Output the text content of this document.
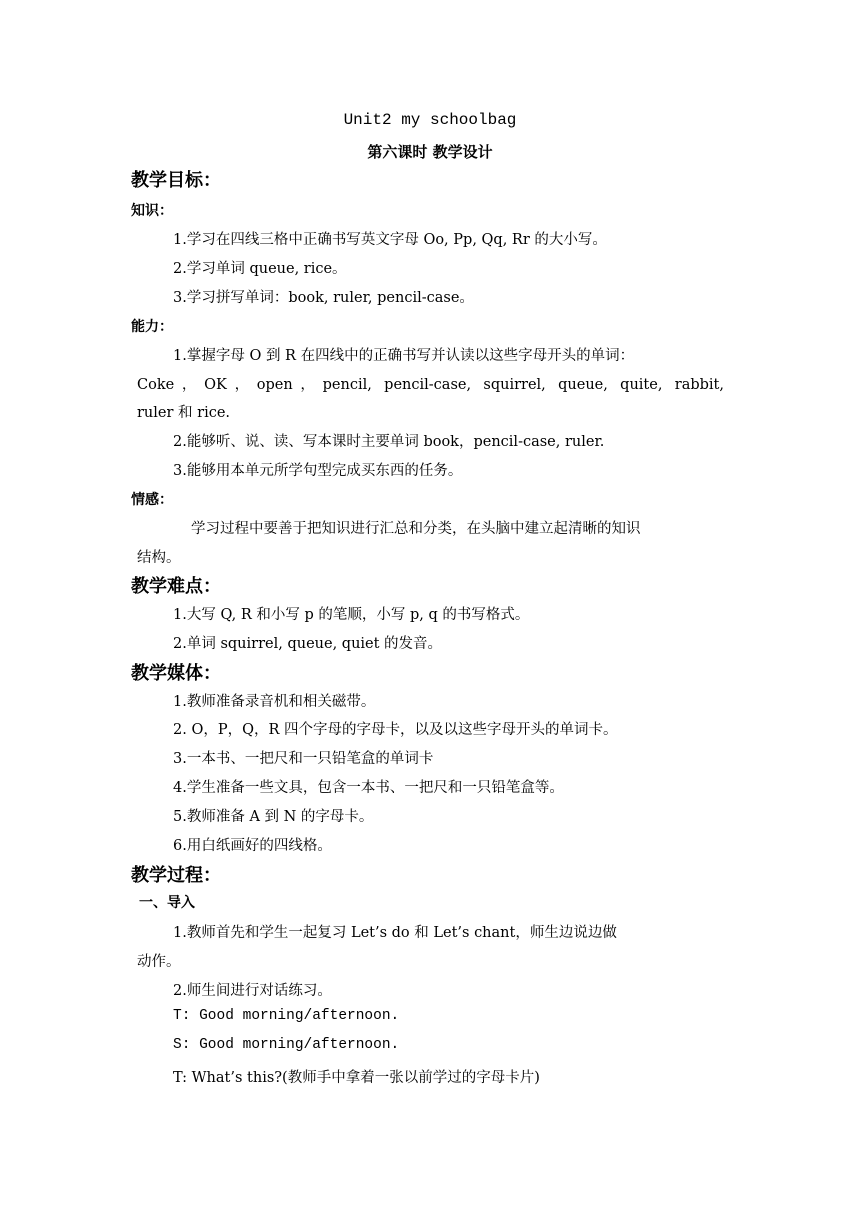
Unit2 my schoolbag
第六课时 教学设计
教学目标：
知识：
1.学习在四线三格中正确书写英文字母 Oo, Pp, Qq, Rr 的大小写。
2.学习单词 queue, rice。
3.学习拼写单词：book, ruler, pencil-case。
能力：
1.掌握字母 O 到 R 在四线中的正确书写并认读以这些字母开头的单词：
Coke，OK，open，pencil, pencil-case, squirrel, queue, quite, rabbit,
ruler 和 rice.
2.能够听、说、读、写本课时主要单词 book，pencil-case, ruler.
3.能够用本单元所学句型完成买东西的任务。
情感：
学习过程中要善于把知识进行汇总和分类，在头脑中建立起清晰的知识
结构。
教学难点：
1.大写 Q, R 和小写 p 的笔顺，小写 p, q 的书写格式。
2.单词 squirrel, queue, quiet 的发音。
教学媒体：
1.教师准备录音机和相关磁带。
2. O，P，Q，R 四个字母的字母卡，以及以这些字母开头的单词卡。
3.一本书、一把尺和一只铅笔盒的单词卡
4.学生准备一些文具，包含一本书、一把尺和一只铅笔盒等。
5.教师准备 A 到 N 的字母卡。
6.用白纸画好的四线格。
教学过程：
一、导入
1.教师首先和学生一起复习 Let’s do 和 Let’s chant，师生边说边做
动作。
2.师生间进行对话练习。
T: Good morning/afternoon.
S: Good morning/afternoon.
T: What’s this?(教师手中拿着一张以前学过的字母卡片)
